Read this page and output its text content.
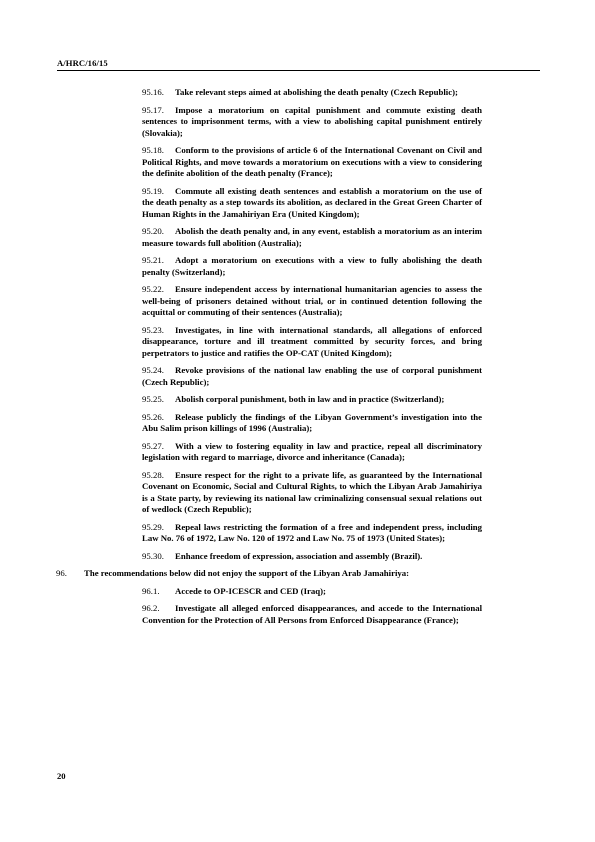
A/HRC/16/15

95.16. Take relevant steps aimed at abolishing the death penalty (Czech Republic);

95.17. Impose a moratorium on capital punishment and commute existing death sentences to imprisonment terms, with a view to abolishing capital punishment entirely (Slovakia);

95.18. Conform to the provisions of article 6 of the International Covenant on Civil and Political Rights, and move towards a moratorium on executions with a view to considering the definite abolition of the death penalty (France);

95.19. Commute all existing death sentences and establish a moratorium on the use of the death penalty as a step towards its abolition, as declared in the Great Green Charter of Human Rights in the Jamahiriyan Era (United Kingdom);

95.20. Abolish the death penalty and, in any event, establish a moratorium as an interim measure towards full abolition (Australia);

95.21. Adopt a moratorium on executions with a view to fully abolishing the death penalty (Switzerland);

95.22. Ensure independent access by international humanitarian agencies to assess the well-being of prisoners detained without trial, or in continued detention following the acquittal or commuting of their sentences (Australia);

95.23. Investigates, in line with international standards, all allegations of enforced disappearance, torture and ill treatment committed by security forces, and bring perpetrators to justice and ratifies the OP-CAT (United Kingdom);

95.24. Revoke provisions of the national law enabling the use of corporal punishment (Czech Republic);

95.25. Abolish corporal punishment, both in law and in practice (Switzerland);

95.26. Release publicly the findings of the Libyan Government’s investigation into the Abu Salim prison killings of 1996 (Australia);

95.27. With a view to fostering equality in law and practice, repeal all discriminatory legislation with regard to marriage, divorce and inheritance (Canada);

95.28. Ensure respect for the right to a private life, as guaranteed by the International Covenant on Economic, Social and Cultural Rights, to which the Libyan Arab Jamahiriya is a State party, by reviewing its national law criminalizing consensual sexual relations out of wedlock (Czech Republic);

95.29. Repeal laws restricting the formation of a free and independent press, including Law No. 76 of 1972, Law No. 120 of 1972 and Law No. 75 of 1973 (United States);

95.30. Enhance freedom of expression, association and assembly (Brazil).

96. The recommendations below did not enjoy the support of the Libyan Arab Jamahiriya:

96.1. Accede to OP-ICESCR and CED (Iraq);

96.2. Investigate all alleged enforced disappearances, and accede to the International Convention for the Protection of All Persons from Enforced Disappearance (France);

20
